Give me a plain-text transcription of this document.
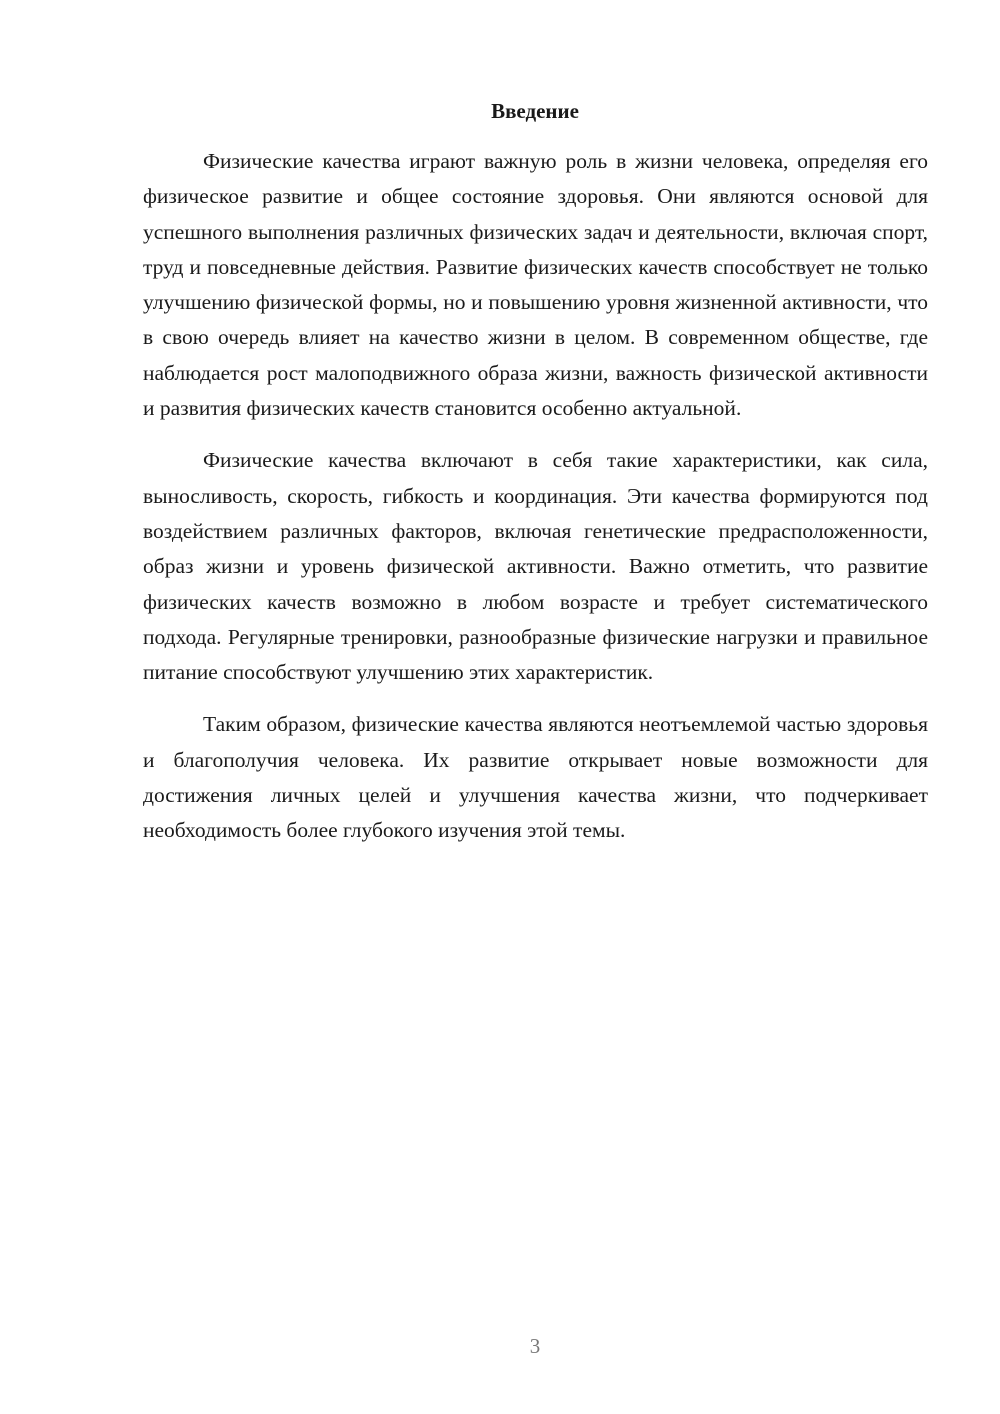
Введение

Физические качества играют важную роль в жизни человека, определяя его физическое развитие и общее состояние здоровья. Они являются основой для успешного выполнения различных физических задач и деятельности, включая спорт, труд и повседневные действия. Развитие физических качеств способствует не только улучшению физической формы, но и повышению уровня жизненной активности, что в свою очередь влияет на качество жизни в целом. В современном обществе, где наблюдается рост малоподвижного образа жизни, важность физической активности и развития физических качеств становится особенно актуальной.

Физические качества включают в себя такие характеристики, как сила, выносливость, скорость, гибкость и координация. Эти качества формируются под воздействием различных факторов, включая генетические предрасположенности, образ жизни и уровень физической активности. Важно отметить, что развитие физических качеств возможно в любом возрасте и требует систематического подхода. Регулярные тренировки, разнообразные физические нагрузки и правильное питание способствуют улучшению этих характеристик.

Таким образом, физические качества являются неотъемлемой частью здоровья и благополучия человека. Их развитие открывает новые возможности для достижения личных целей и улучшения качества жизни, что подчеркивает необходимость более глубокого изучения этой темы.

3
